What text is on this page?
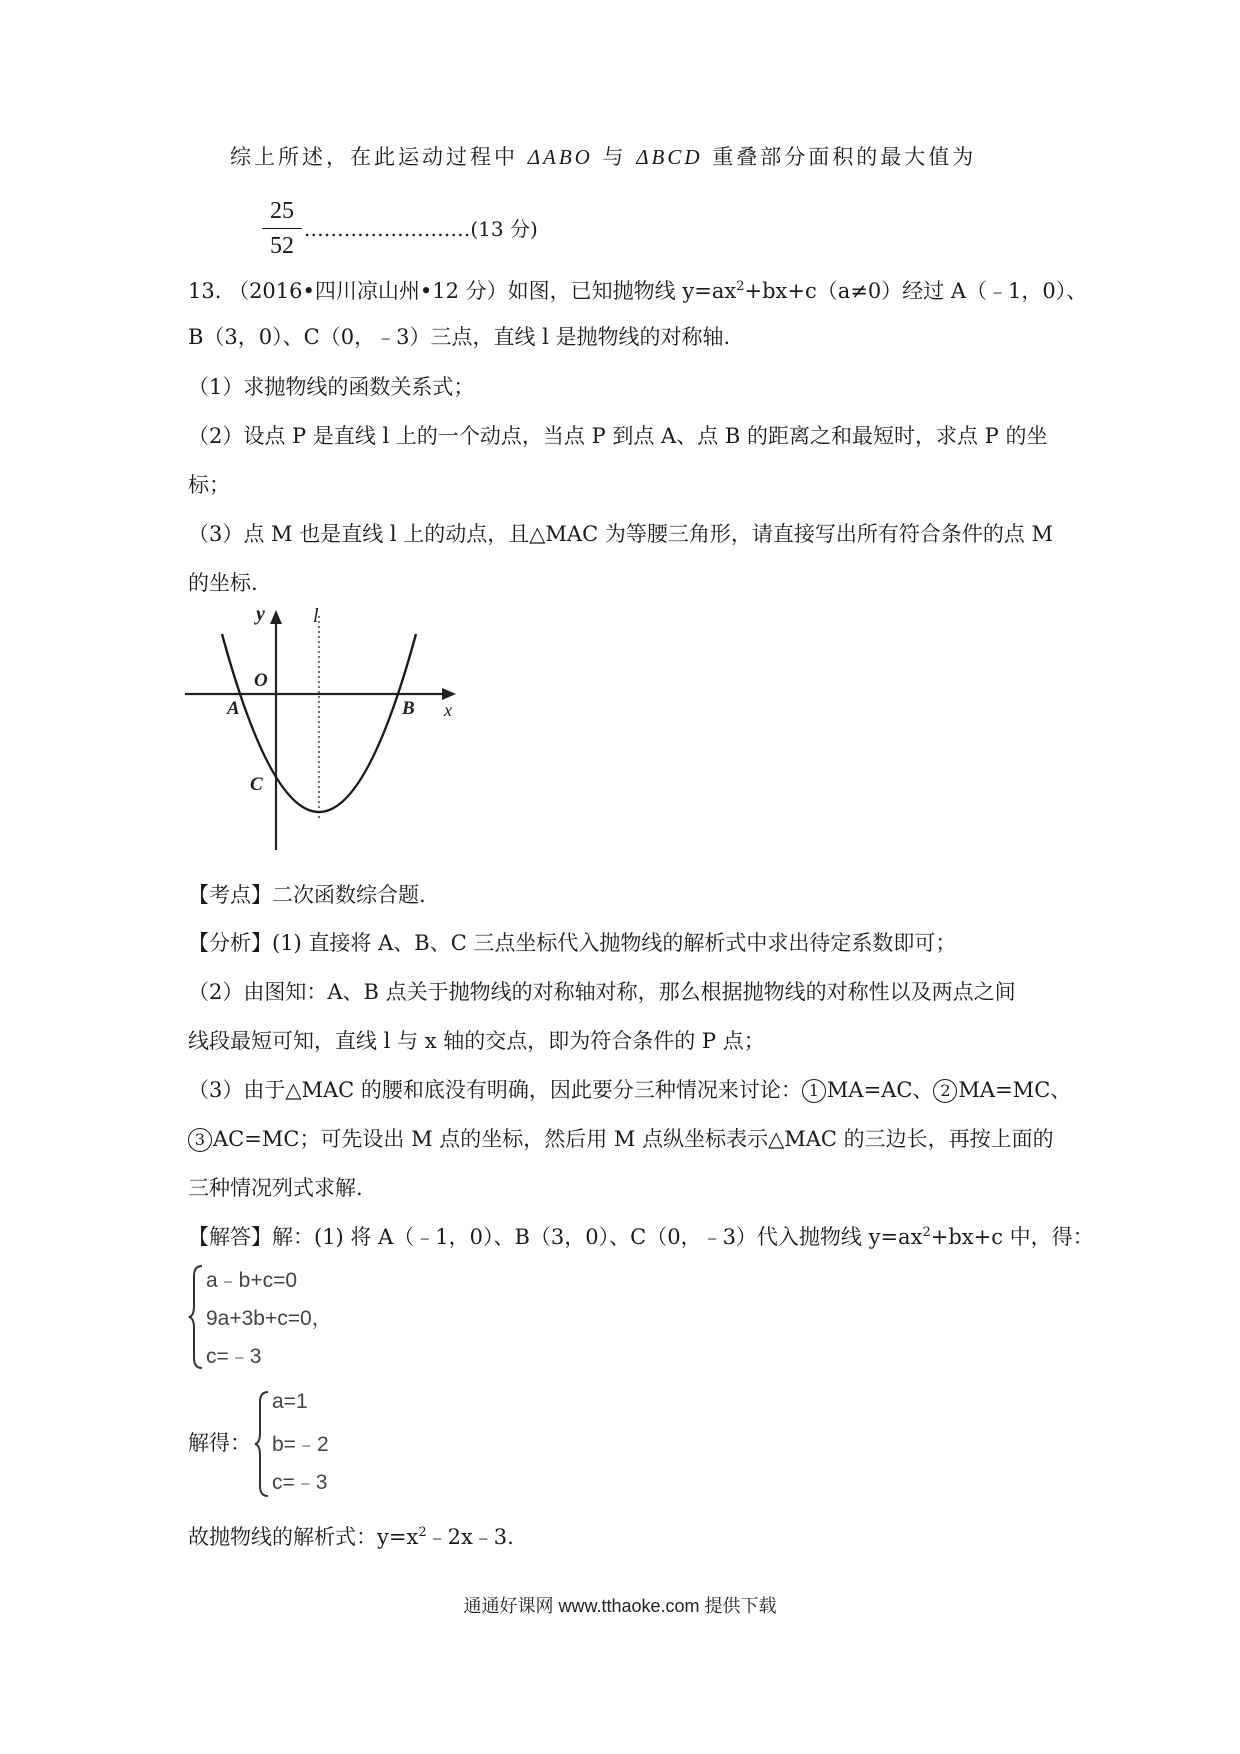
综上所述，在此运动过程中 ΔABO 与 ΔBCD 重叠部分面积的最大值为
$\frac{25}{52}$ .……………………(13 分)
13. （2016•四川凉山州•12 分）如图，已知抛物线 $y=ax^2+bx+c(a\ne 0)$经过 A（﹣1，0）、
B（3，0）、C（0，﹣3）三点，直线 l 是抛物线的对称轴.
（1）求抛物线的函数关系式；
（2）设点 P 是直线 l 上的一个动点，当点 P 到点 A、点 B 的距离之和最短时，求点 P 的坐
标；
（3）点 M 也是直线 l 上的动点，且△MAC 为等腰三角形，请直接写出所有符合条件的点 M
的坐标.
y l
O
A	B x
C
【考点】二次函数综合题.
【分析】(1) 直接将 A、B、C 三点坐标代入抛物线的解析式中求出待定系数即可；
（2）由图知：A、B 点关于抛物线的对称轴对称，那么根据抛物线的对称性以及两点之间
线段最短可知，直线 l 与 x 轴的交点，即为符合条件的 P 点；
（3）由于△MAC 的腰和底没有明确，因此要分三种情况来讨论： 1 MA=AC、 2 MA=MC、
3 AC=MC；可先设出 M 点的坐标，然后用 M 点纵坐标表示△MAC 的三边长，再按上面的
三种情况列式求解.
【解答】解：(1) 将 A（﹣1，0）、B（3，0）、C（0，﹣3）代入抛物线 $y=ax^2+bx+c$ 中，得：
a﹣b+c=0
9a+3b+c=0，
c=﹣3
解得：
a=1
b=﹣2
c=﹣3
故抛物线的解析式：$y=x^2﹣2x﹣3$.
通通好课网 www.tthaoke.com 提供下载
